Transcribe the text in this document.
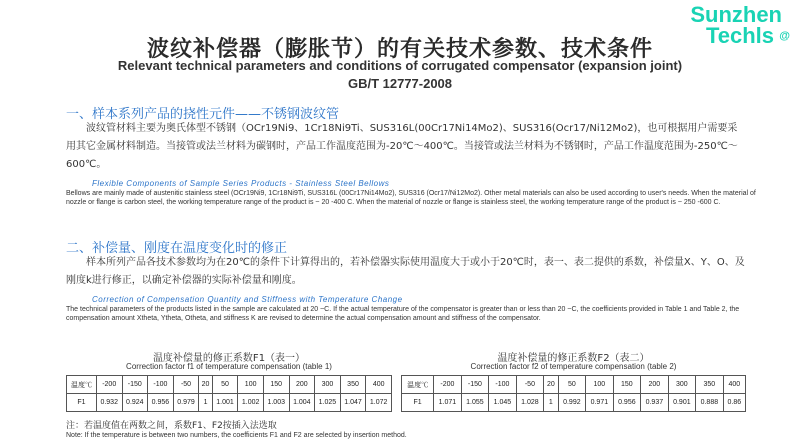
Sunzhen
Techls @
波纹补偿器（膨胀节）的有关技术参数、技术条件
Relevant technical parameters and conditions of corrugated compensator (expansion joint)
GB/T 12777-2008
一、样本系列产品的挠性元件——不锈钢波纹管
波纹管材料主要为奥氏体型不锈钢（OCr19Ni9、1Cr18Ni9Ti、SUS316L(00Cr17Ni14Mo2)、SUS316(Ocr17/Ni12Mo2)，也可根据用户需要采用其它金属材料制造。当接管或法兰材料为碳钢时，产品工作温度范围为-20℃～400℃。当接管或法兰材料为不锈钢时，产品工作温度范围为-250℃～600℃。
Flexible Components of Sample Series Products - Stainless Steel Bellows
Bellows are mainly made of austenitic stainless steel (OCr19Ni9, 1Cr18Ni9Ti, SUS316L (00Cr17Ni14Mo2), SUS316 (Ocr17/Ni12Mo2). Other metal materials can also be used according to user's needs. When the material of nozzle or flange is carbon steel, the working temperature range of the product is ~ 20 -400 C. When the material of nozzle or flange is stainless steel, the working temperature range of the product is ~ 250 -600 C.
二、补偿量、刚度在温度变化时的修正
样本所列产品各技术参数均为在20℃的条件下计算得出的，若补偿器实际使用温度大于或小于20℃时，表一、表二提供的系数，补偿量X、Y、O、及刚度k进行修正，以确定补偿器的实际补偿量和刚度。
Correction of Compensation Quantity and Stiffness with Temperature Change
The technical parameters of the products listed in the sample are calculated at 20 ~C. If the actual temperature of the compensator is greater than or less than 20 ~C, the coefficients provided in Table 1 and Table 2, the compensation amount Xtheta, Ytheta, Otheta, and stiffness K are revised to determine the actual compensation amount and stiffness of the compensator.
温度补偿量的修正系数F1（表一）
Correction factor f1 of temperature compensation (table 1)
温度℃	-200	-150	-100	-50	20	50	100	150	200	300	350	400
F1	0.932	0.924	0.956	0.979	1	1.001	1.002	1.003	1.004	1.025	1.047	1.072
温度补偿量的修正系数F2（表二）
Correction factor f2 of temperature compensation (table 2)
温度℃	-200	-150	-100	-50	20	50	100	150	200	300	350	400
F1	1.071	1.055	1.045	1.028	1	0.992	0.971	0.956	0.937	0.901	0.888	0.86
注：若温度值在两数之间，系数F1、F2按插入法选取
Note: If the temperature is between two numbers, the coefficients F1 and F2 are selected by insertion method.
